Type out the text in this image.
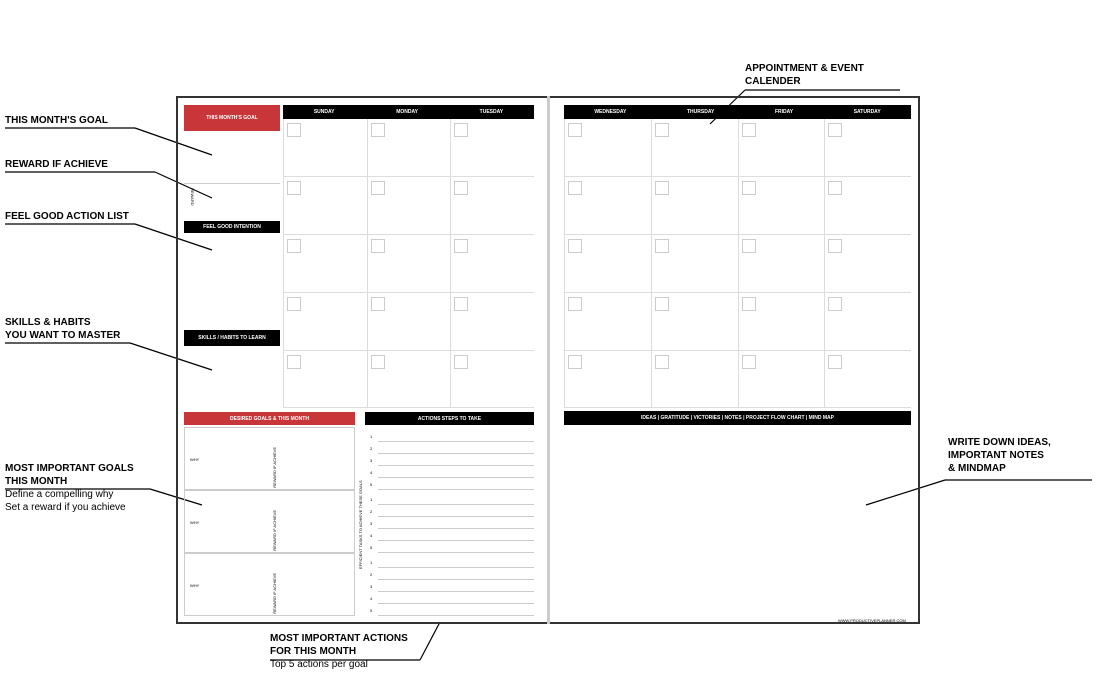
APPOINTMENT & EVENT
CALENDER
THIS MONTH'S GOAL
REWARD IF ACHIEVE
FEEL GOOD ACTION LIST
SKILLS & HABITS
YOU WANT TO MASTER
MOST IMPORTANT GOALS
THIS MONTH
Define a compelling why
Set a reward if you achieve
WRITE DOWN IDEAS,
IMPORTANT NOTES
& MINDMAP
MOST IMPORTANT ACTIONS
FOR THIS MONTH
Top 5 actions per goal
THIS MONTH'S GOAL
REWARD
FEEL GOOD INTENTION
SKILLS / HABITS TO LEARN
SUNDAY	MONDAY	TUESDAY	WEDNESDAY	THURSDAY	FRIDAY	SATURDAY
DESIRED GOALS & THIS MONTH	ACTIONS STEPS TO TAKE
WHY	REWARD IF ACHIEVE
1
2
3
4
5
WHY	REWARD IF ACHIEVE
1
2
3
4
5
WHY	REWARD IF ACHIEVE
1
2
3
4
5
EFFICIENT TASKS TO ACHIEVE THESE GOALS
IDEAS | GRATITUDE | VICTORIES | NOTES | PROJECT FLOW CHART | MIND MAP
WWW.PRODUCTIVEPLANNER.COM
